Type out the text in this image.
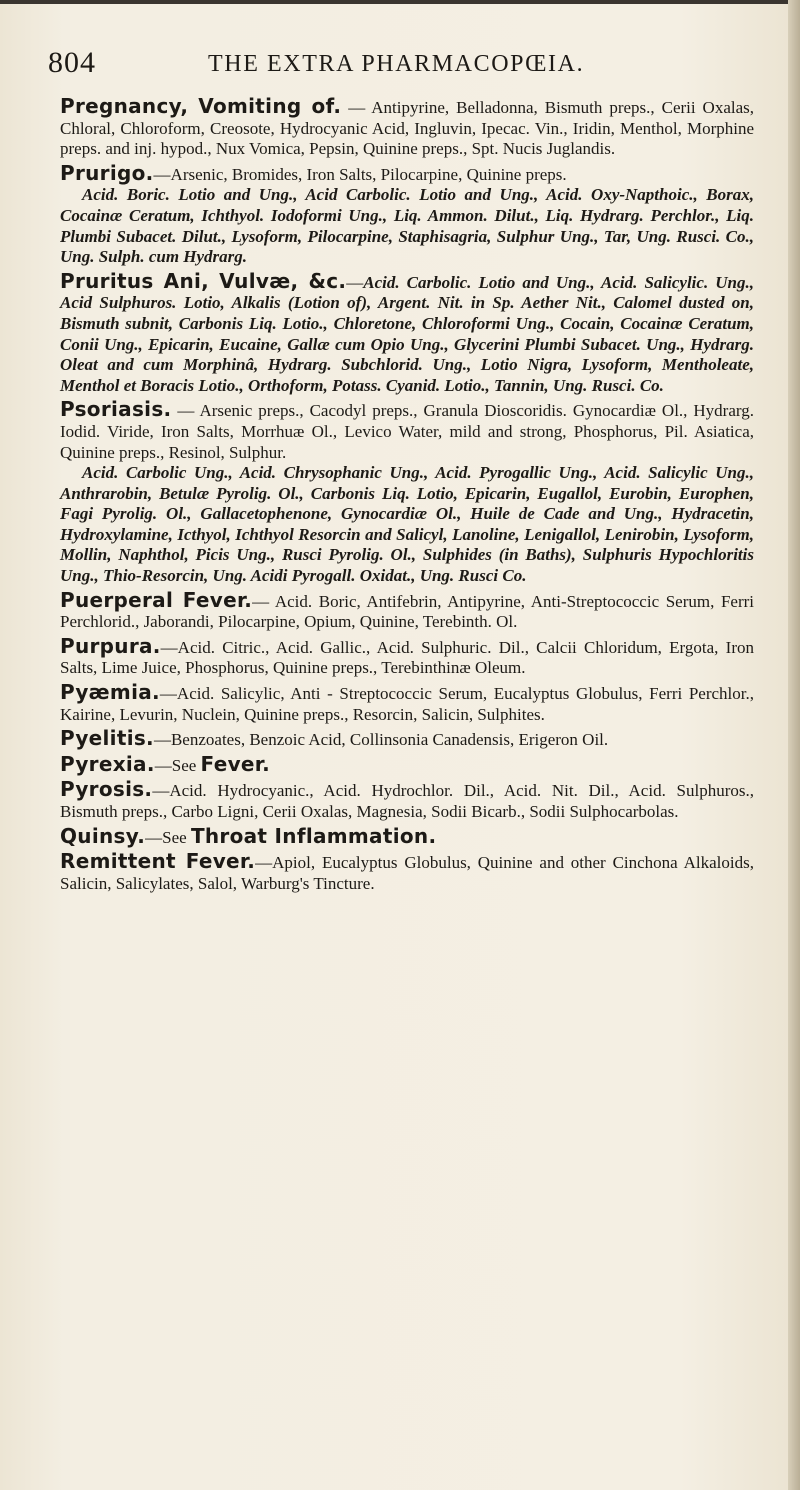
804	THE EXTRA PHARMACOPŒIA.
Pregnancy, Vomiting of. — Antipyrine, Belladonna, Bismuth preps., Cerii Oxalas, Chloral, Chloroform, Creosote, Hydrocyanic Acid, Ingluvin, Ipecac. Vin., Iridin, Menthol, Morphine preps. and inj. hypod., Nux Vomica, Pepsin, Quinine preps., Spt. Nucis Juglandis.
Prurigo.—Arsenic, Bromides, Iron Salts, Pilocarpine, Quinine preps.
Acid. Boric. Lotio and Ung., Acid Carbolic. Lotio and Ung., Acid. Oxy-Napthoic., Borax, Cocainæ Ceratum, Ichthyol. Iodoformi Ung., Liq. Ammon. Dilut., Liq. Hydrarg. Perchlor., Liq. Plumbi Subacet. Dilut., Lysoform, Pilocarpine, Staphisagria, Sulphur Ung., Tar, Ung. Rusci. Co., Ung. Sulph. cum Hydrarg.
Pruritus Ani, Vulvæ, &c.—Acid. Carbolic. Lotio and Ung., Acid. Salicylic. Ung., Acid Sulphuros. Lotio, Alkalis (Lotion of), Argent. Nit. in Sp. Aether Nit., Calomel dusted on, Bismuth subnit, Carbonis Liq. Lotio., Chloretone, Chloroformi Ung., Cocain, Cocainæ Ceratum, Conii Ung., Epicarin, Eucaine, Gallæ cum Opio Ung., Glycerini Plumbi Subacet. Ung., Hydrarg. Oleat and cum Morphinâ, Hydrarg. Subchlorid. Ung., Lotio Nigra, Lysoform, Mentholeate, Menthol et Boracis Lotio., Orthoform, Potass. Cyanid. Lotio., Tannin, Ung. Rusci. Co.
Psoriasis. — Arsenic preps., Cacodyl preps., Granula Dioscoridis. Gynocardiæ Ol., Hydrarg. Iodid. Viride, Iron Salts, Morrhuæ Ol., Levico Water, mild and strong, Phosphorus, Pil. Asiatica, Quinine preps., Resinol, Sulphur.
Acid. Carbolic Ung., Acid. Chrysophanic Ung., Acid. Pyrogallic Ung., Acid. Salicylic Ung., Anthrarobin, Betulæ Pyrolig. Ol., Carbonis Liq. Lotio, Epicarin, Eugallol, Eurobin, Europhen, Fagi Pyrolig. Ol., Gallacetophenone, Gynocardiæ Ol., Huile de Cade and Ung., Hydracetin, Hydroxylamine, Icthyol, Ichthyol Resorcin and Salicyl, Lanoline, Lenigallol, Lenirobin, Lysoform, Mollin, Naphthol, Picis Ung., Rusci Pyrolig. Ol., Sulphides (in Baths), Sulphuris Hypochloritis Ung., Thio-Resorcin, Ung. Acidi Pyrogall. Oxidat., Ung. Rusci Co.
Puerperal Fever.— Acid. Boric, Antifebrin, Antipyrine, Anti-Streptococcic Serum, Ferri Perchlorid., Jaborandi, Pilocarpine, Opium, Quinine, Terebinth. Ol.
Purpura.—Acid. Citric., Acid. Gallic., Acid. Sulphuric. Dil., Calcii Chloridum, Ergota, Iron Salts, Lime Juice, Phosphorus, Quinine preps., Terebinthinæ Oleum.
Pyæmia.—Acid. Salicylic, Anti - Streptococcic Serum, Eucalyptus Globulus, Ferri Perchlor., Kairine, Levurin, Nuclein, Quinine preps., Resorcin, Salicin, Sulphites.
Pyelitis.—Benzoates, Benzoic Acid, Collinsonia Canadensis, Erigeron Oil.
Pyrexia.—See Fever.
Pyrosis.—Acid. Hydrocyanic., Acid. Hydrochlor. Dil., Acid. Nit. Dil., Acid. Sulphuros., Bismuth preps., Carbo Ligni, Cerii Oxalas, Magnesia, Sodii Bicarb., Sodii Sulphocarbolas.
Quinsy.—See Throat Inflammation.
Remittent Fever.—Apiol, Eucalyptus Globulus, Quinine and other Cinchona Alkaloids, Salicin, Salicylates, Salol, Warburg's Tincture.
